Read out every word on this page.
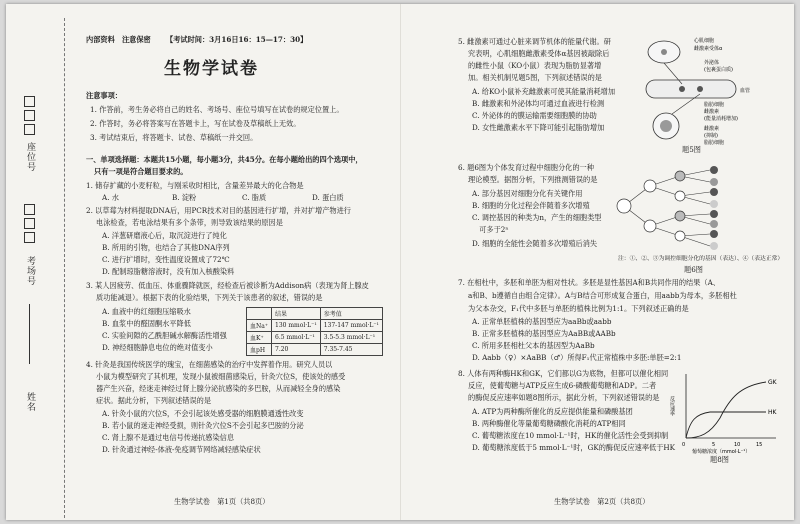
座位号
考场号
姓名
内部资料　注意保密 【考试时间：3月16日16：15—17：30】
生物学试卷
注意事项：
1. 作答前，考生务必将自己的姓名、考场号、座位号填写在试卷的规定位置上。
2. 作答时，务必将答案写在答题卡上，写在试卷及草稿纸上无效。
3. 考试结束后，将答题卡、试卷、草稿纸一并交回。
一、单项选择题：本题共15小题，每小题3分，共45分。在每小题给出的四个选项中，
只有一项是符合题目要求的。
1. 储存扩藏的小麦籽粒，与刚采收时相比，含量差异最大的化合物是
A. 水	B. 淀粉	C. 脂质	D. 蛋白质
2. 以草莓为材料提取DNA后，用PCR技术对目的基因进行扩增，并对扩增产物进行
电泳检查，若电泳结果有多个条带，则导致该结果的原因是
A. 洋葱研磨液心后，取沉淀进行了纯化
B. 所用的引物，也结合了其他DNA序列
C. 进行扩增时，变性温度设置成了72℃
D. 配制琼脂糖溶液时，没有加入核酸染料
3. 某人因疲劳、低血压、体重骤降就医，经检查后被诊断为Addison病（表现为肾上腺皮
质功能减退）。根据下表的化验结果，下列关于该患者的叙述，错误的是
A. 血液中的红细胞压缩吸水
B. 血浆中的醛固酮水平降低
C. 实验间隙的乙酰胆碱水解酶活性增强
D. 神经细胞静息电位的绝对值变小
	结果	参考值
血Na⁺	130 mmol·L⁻¹	137-147 mmol·L⁻¹
血K⁺	6.5 mmol·L⁻¹	3.5-5.3 mmol·L⁻¹
血pH	7.20	7.35-7.45
4. 针灸是我国传统医学的瑰宝，在细菌感染的治疗中发挥着作用。研究人员以
小鼠为模型研究了其机理，发现小鼠被细菌感染后，针灸穴位S，使该处的感受
器产生兴奋，经迷走神经过肾上腺分泌抗感染的多巴胺，从而减轻全身的感染
症状。据此分析，下列叙述错误的是
A. 针灸小鼠的穴位S，不会引起该处感受器的细胞膜通透性改变
B. 若小鼠的迷走神经受损，则针灸穴位S不会引起多巴胺的分泌
C. 肾上腺不是通过电信号传递抗感染信息
D. 针灸通过神经-体液-免疫调节网络减轻感染症状
生物学试卷　第1页（共8页）
5. 雌激素可通过心脏来调节机体的能量代谢。研
究表明，心肌细胞雌激素受体α基因被敲除后
的雌性小鼠（KO小鼠）表现为脂肪显著增
加。相关机制见题5图，下列叙述错误的是
A. 给KO小鼠补充雌激素可使其能量消耗增加
B. 雌激素和外泌体均可通过血液进行检测
C. 外泌体的的膜运输需要细胞膜的协助
D. 女性雌激素水平下降可能引起脂肪增加
心肌细胞
雌激素受体α
外泌体
(包裹蛋白质)
血管
脂肪细胞
雌激素
(能量消耗增加)
雌激素
(抑制)
脂肪细胞
题5图
6. 题6图为个体发育过程中细胞分化的一种
理论模型。据图分析，下列推测错误的是
A. 部分基因对细胞分化有关键作用
B. 细胞的分化过程会伴随着多次增殖
C. 调控基因的种类为n，产生的细胞类型
　可多于2ⁿ
D. 细胞的全能性会随着多次增殖后消失
注：①、②、③为调控细胞分化的基因（表达）、④（表达正常）
题6图
7. 在相杜中，多胚和单胚为相对性状。多胚是显性基因A和B共同作用的结果（A、
a和B、b遵循自由组合定律）。A与B结合可形成复合蛋白，用aabb为母本，多胚相杜
为父本杂交，F₁代中多胚与单胚的植株比例为1:1。下列叙述正确的是
A. 正常单胚植株的基因型应为aaBb或aabb
B. 正常多胚植株的基因型应为AaBB或AABb
C. 所用多胚相杜父本的基因型为AaBb
D. Aabb（♀）×AaBB（♂）所得F₁代正常植株中多胚:单胚=2:1
8. 人体有两种酶HK和GK，它们都以G为底物，但都可以催化相同
反应，使葡萄糖与ATP反应生成6-磷酸葡萄糖和ADP。二者
的酶促反应速率如题8图所示，据此分析，下列叙述错误的是
A. ATP为两种酶所催化的反应提供能量和磷酸基团
B. 两种酶催化等量葡萄糖磷酸化消耗的ATP相同
C. 葡萄糖浓度在10 mmol·L⁻¹时，HK的催化活性会受到抑制
D. 葡萄糖浓度低于5 mmol·L⁻¹时，GK的酶促反应速率低于HK
GK
HK
0	5	10	15
葡萄糖浓度（mmol·L⁻¹）
反应速率
题8图
生物学试卷　第2页（共8页）
